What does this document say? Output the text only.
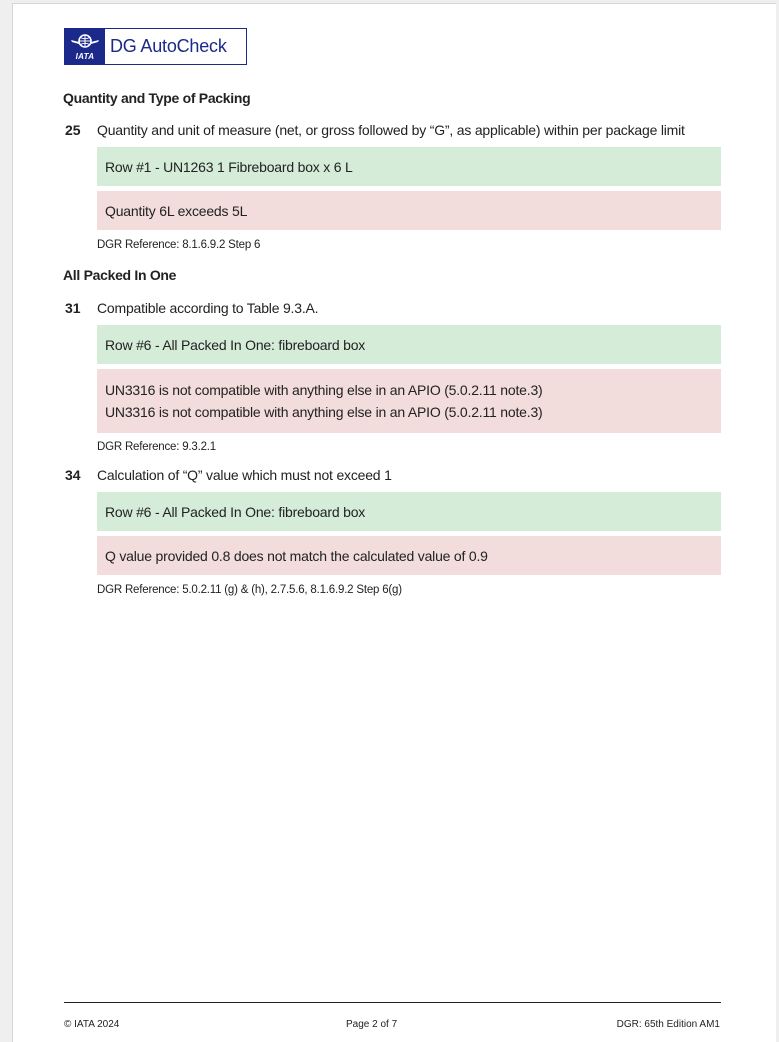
IATA DG AutoCheck
Quantity and Type of Packing
25 Quantity and unit of measure (net, or gross followed by “G”, as applicable) within per package limit
Row #1 - UN1263 1 Fibreboard box x 6 L
Quantity 6L exceeds 5L
DGR Reference: 8.1.6.9.2 Step 6
All Packed In One
31 Compatible according to Table 9.3.A.
Row #6 - All Packed In One: fibreboard box
UN3316 is not compatible with anything else in an APIO (5.0.2.11 note.3)
UN3316 is not compatible with anything else in an APIO (5.0.2.11 note.3)
DGR Reference: 9.3.2.1
34 Calculation of “Q” value which must not exceed 1
Row #6 - All Packed In One: fibreboard box
Q value provided 0.8 does not match the calculated value of 0.9
DGR Reference: 5.0.2.11 (g) & (h), 2.7.5.6, 8.1.6.9.2 Step 6(g)
© IATA 2024	Page 2 of 7	DGR: 65th Edition AM1
